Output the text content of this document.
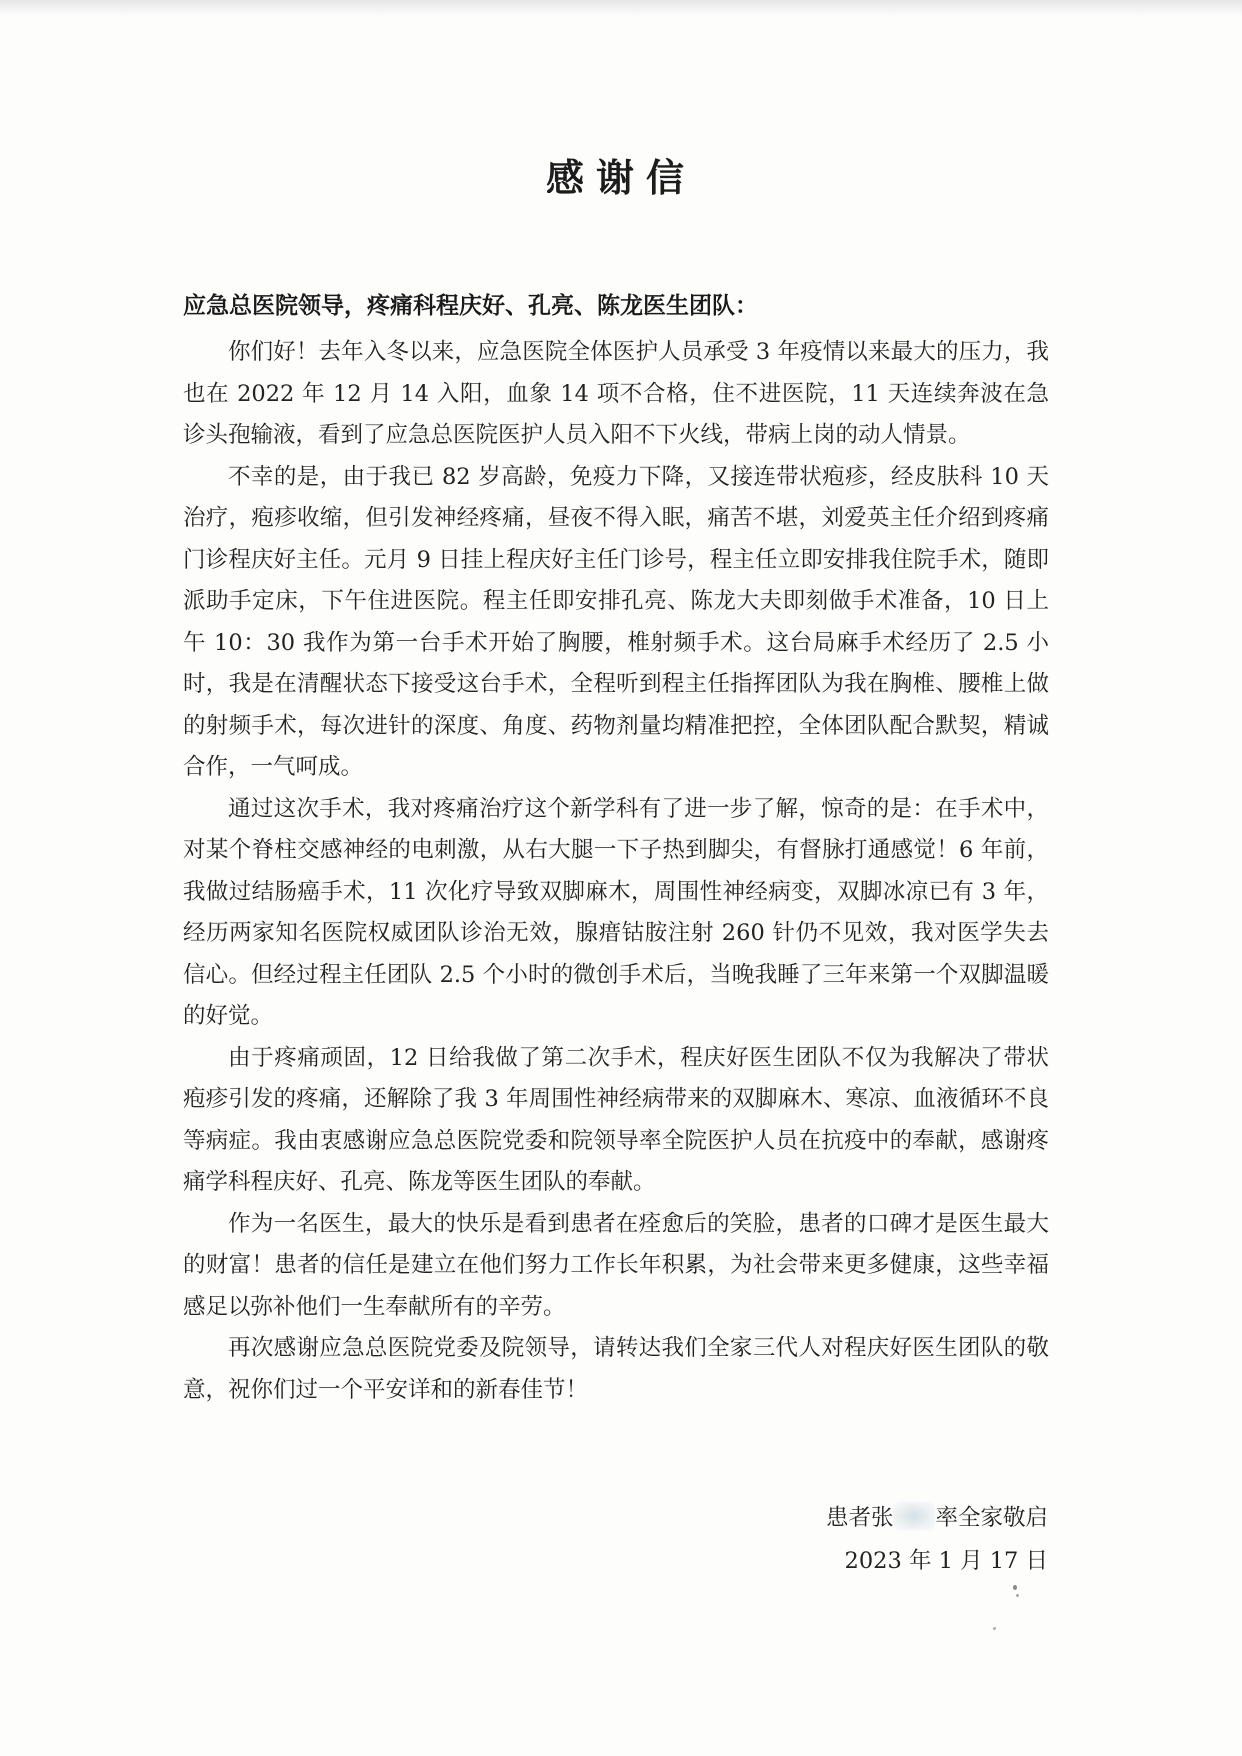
感谢信
应急总医院领导，疼痛科程庆好、孔亮、陈龙医生团队：

你们好！去年入冬以来，应急医院全体医护人员承受 3 年疫情以来最大的压力，我也在 2022 年 12 月 14 入阳，血象 14 项不合格，住不进医院，11 天连续奔波在急诊头孢输液，看到了应急总医院医护人员入阳不下火线，带病上岗的动人情景。

不幸的是，由于我已 82 岁高龄，免疫力下降，又接连带状疱疹，经皮肤科 10 天治疗，疱疹收缩，但引发神经疼痛，昼夜不得入眠，痛苦不堪，刘爱英主任介绍到疼痛门诊程庆好主任。元月 9 日挂上程庆好主任门诊号，程主任立即安排我住院手术，随即派助手定床，下午住进医院。程主任即安排孔亮、陈龙大夫即刻做手术准备，10 日上午 10：30 我作为第一台手术开始了胸腰，椎射频手术。这台局麻手术经历了 2.5 小时，我是在清醒状态下接受这台手术，全程听到程主任指挥团队为我在胸椎、腰椎上做的射频手术，每次进针的深度、角度、药物剂量均精准把控，全体团队配合默契，精诚合作，一气呵成。

通过这次手术，我对疼痛治疗这个新学科有了进一步了解，惊奇的是：在手术中，对某个脊柱交感神经的电刺激，从右大腿一下子热到脚尖，有督脉打通感觉！6 年前，我做过结肠癌手术，11 次化疗导致双脚麻木，周围性神经病变，双脚冰凉已有 3 年，经历两家知名医院权威团队诊治无效，腺瘄钴胺注射 260 针仍不见效，我对医学失去信心。但经过程主任团队 2.5 个小时的微创手术后，当晚我睡了三年来第一个双脚温暖的好觉。

由于疼痛顽固，12 日给我做了第二次手术，程庆好医生团队不仅为我解决了带状疱疹引发的疼痛，还解除了我 3 年周围性神经病带来的双脚麻木、寒凉、血液循环不良等病症。我由衷感谢应急总医院党委和院领导率全院医护人员在抗疫中的奉献，感谢疼痛学科程庆好、孔亮、陈龙等医生团队的奉献。

作为一名医生，最大的快乐是看到患者在痊愈后的笑脸，患者的口碑才是医生最大的财富！患者的信任是建立在他们努力工作长年积累，为社会带来更多健康，这些幸福感足以弥补他们一生奉献所有的辛劳。

再次感谢应急总医院党委及院领导，请转达我们全家三代人对程庆好医生团队的敬意，祝你们过一个平安详和的新春佳节！

患者张 率全家敬启
2023 年 1 月 17 日
